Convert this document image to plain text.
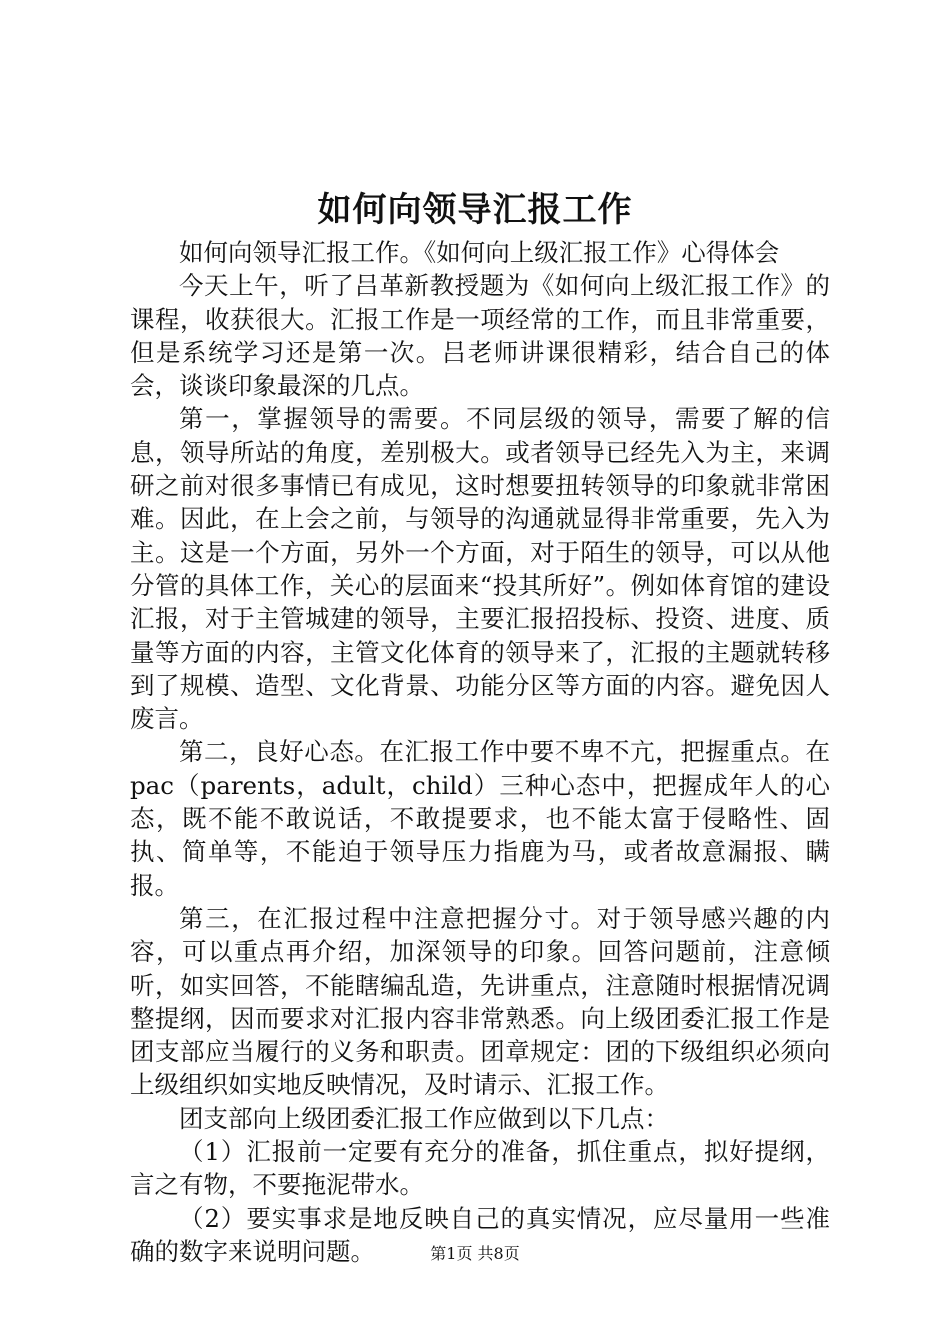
如何向领导汇报工作

如何向领导汇报工作。《如何向上级汇报工作》心得体会

今天上午，听了吕革新教授题为《如何向上级汇报工作》的课程，收获很大。汇报工作是一项经常的工作，而且非常重要，但是系统学习还是第一次。吕老师讲课很精彩，结合自己的体会，谈谈印象最深的几点。

第一，掌握领导的需要。不同层级的领导，需要了解的信息，领导所站的角度，差别极大。或者领导已经先入为主，来调研之前对很多事情已有成见，这时想要扭转领导的印象就非常困难。因此，在上会之前，与领导的沟通就显得非常重要，先入为主。这是一个方面，另外一个方面，对于陌生的领导，可以从他分管的具体工作，关心的层面来“投其所好”。例如体育馆的建设汇报，对于主管城建的领导，主要汇报招投标、投资、进度、质量等方面的内容，主管文化体育的领导来了，汇报的主题就转移到了规模、造型、文化背景、功能分区等方面的内容。避免因人废言。

第二，良好心态。在汇报工作中要不卑不亢，把握重点。在pac（parents，adult，child）三种心态中，把握成年人的心态，既不能不敢说话，不敢提要求，也不能太富于侵略性、固执、简单等，不能迫于领导压力指鹿为马，或者故意漏报、瞒报。

第三，在汇报过程中注意把握分寸。对于领导感兴趣的内容，可以重点再介绍，加深领导的印象。回答问题前，注意倾听，如实回答，不能瞎编乱造，先讲重点，注意随时根据情况调整提纲，因而要求对汇报内容非常熟悉。向上级团委汇报工作是团支部应当履行的义务和职责。团章规定：团的下级组织必须向上级组织如实地反映情况，及时请示、汇报工作。

团支部向上级团委汇报工作应做到以下几点：

（1）汇报前一定要有充分的准备，抓住重点，拟好提纲，言之有物，不要拖泥带水。

（2）要实事求是地反映自己的真实情况，应尽量用一些准确的数字来说明问题。	第1页 共8页
